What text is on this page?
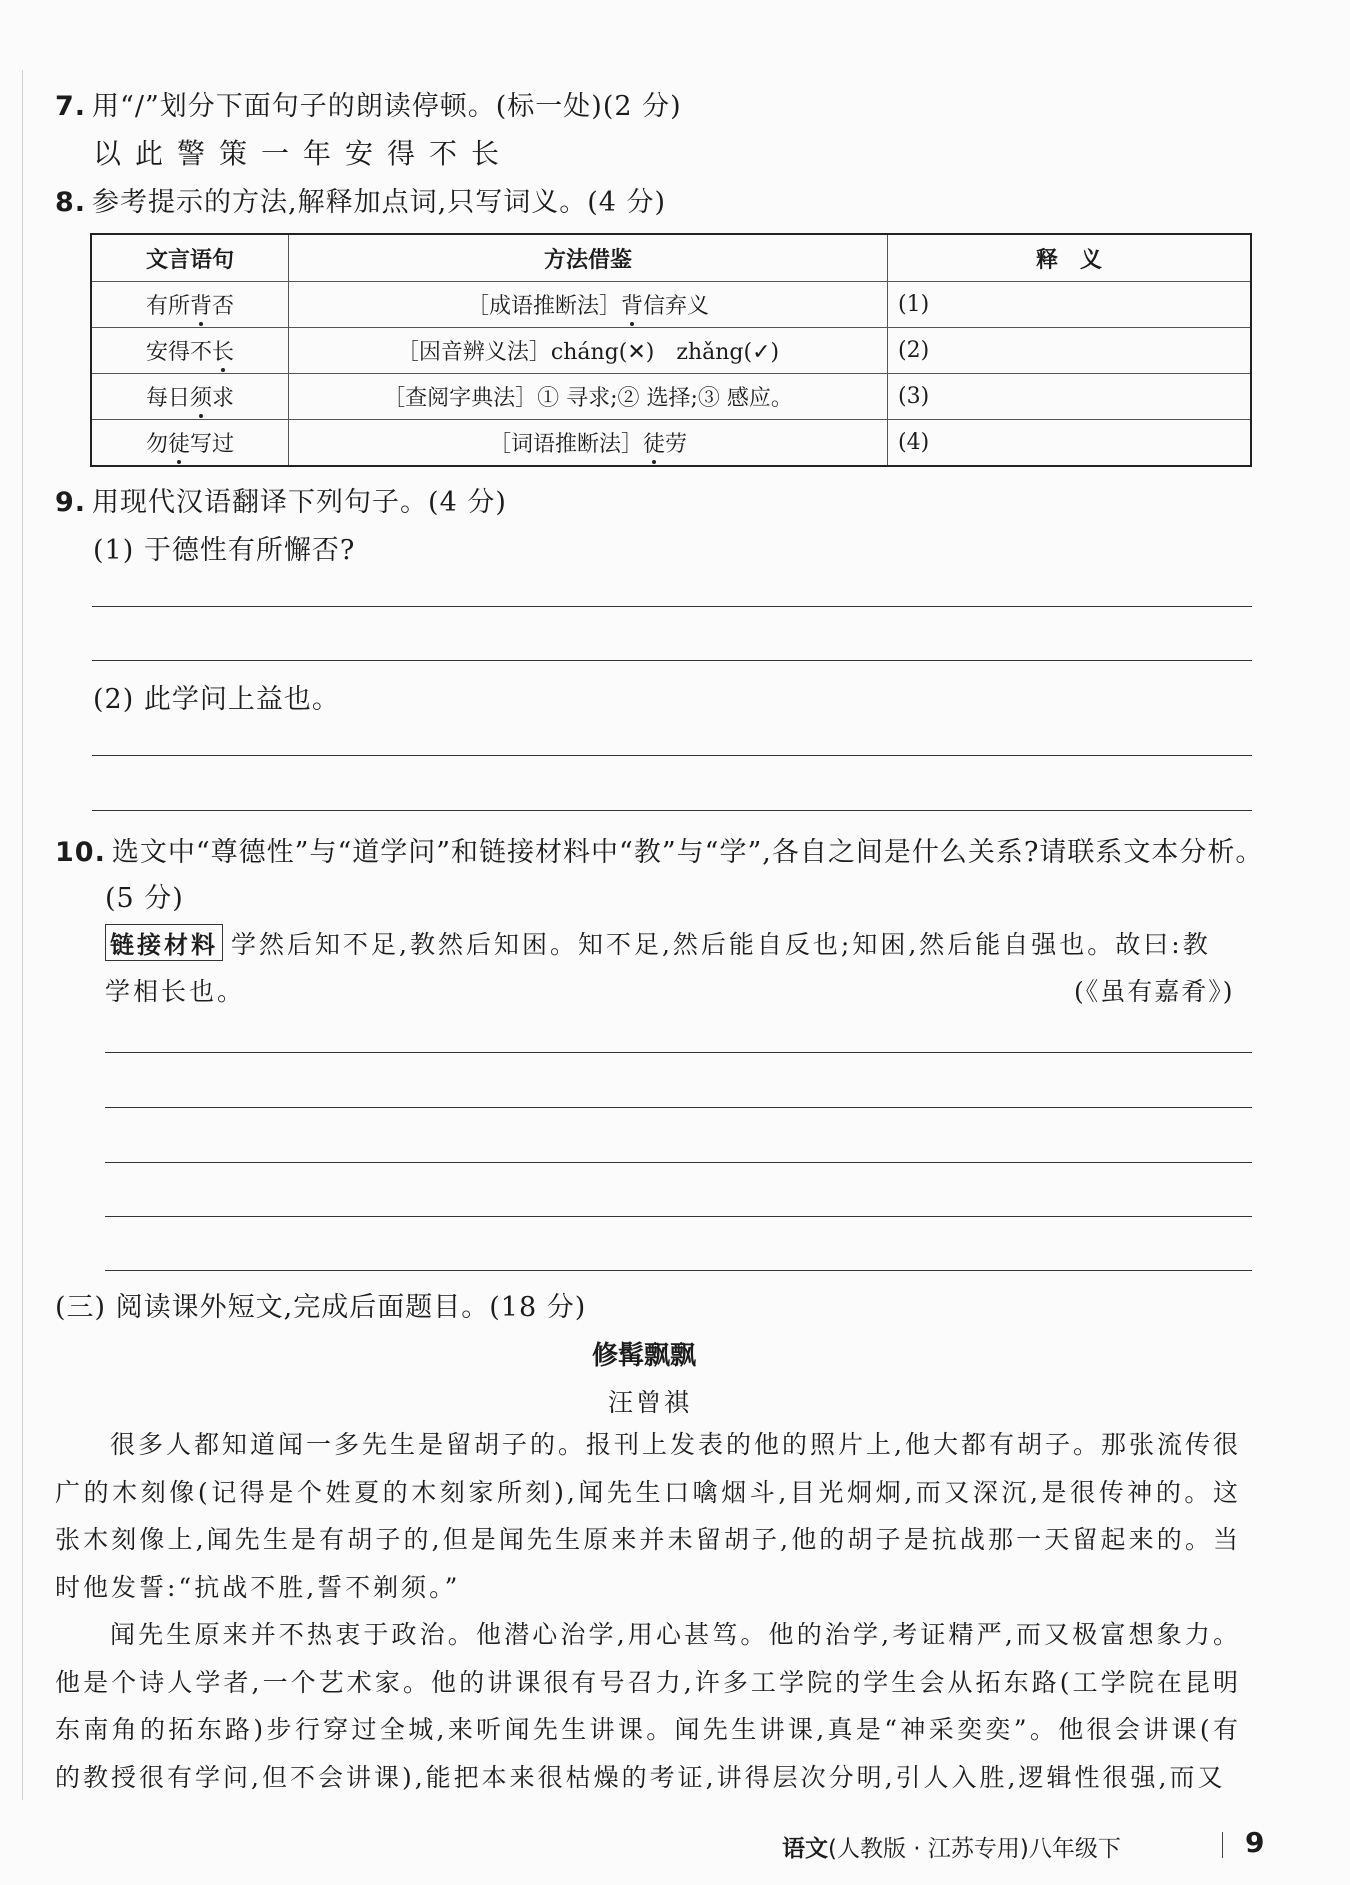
7. 用“/”划分下面句子的朗读停顿。(标一处)(2 分)
以此警策一年安得不长
8. 参考提示的方法,解释加点词,只写词义。(4 分)
文言语句	方法借鉴	释　义
有所背否	［成语推断法］背信弃义	(1)
安得不长	［因音辨义法］cháng(✕)　zhǎng(✓)	(2)
每日须求	［查阅字典法］① 寻求;② 选择;③ 感应。	(3)
勿徒写过	［词语推断法］徒劳	(4)
9. 用现代汉语翻译下列句子。(4 分)
(1) 于德性有所懈否?
(2) 此学问上益也。
10. 选文中“尊德性”与“道学问”和链接材料中“教”与“学”,各自之间是什么关系?请联系文本分析。
(5 分)
链接材料 学然后知不足,教然后知困。知不足,然后能自反也;知困,然后能自强也。故曰:教
学相长也。	(《虽有嘉肴》)
(三) 阅读课外短文,完成后面题目。(18 分)
修髯飘飘
汪曾祺
很多人都知道闻一多先生是留胡子的。报刊上发表的他的照片上,他大都有胡子。那张流传很广的木刻像(记得是个姓夏的木刻家所刻),闻先生口噙烟斗,目光炯炯,而又深沉,是很传神的。这张木刻像上,闻先生是有胡子的,但是闻先生原来并未留胡子,他的胡子是抗战那一天留起来的。当时他发誓:“抗战不胜,誓不剃须。”
闻先生原来并不热衷于政治。他潜心治学,用心甚笃。他的治学,考证精严,而又极富想象力。他是个诗人学者,一个艺术家。他的讲课很有号召力,许多工学院的学生会从拓东路(工学院在昆明东南角的拓东路)步行穿过全城,来听闻先生讲课。闻先生讲课,真是“神采奕奕”。他很会讲课(有的教授很有学问,但不会讲课),能把本来很枯燥的考证,讲得层次分明,引人入胜,逻辑性很强,而又
语文(人教版 · 江苏专用)八年级下	9
